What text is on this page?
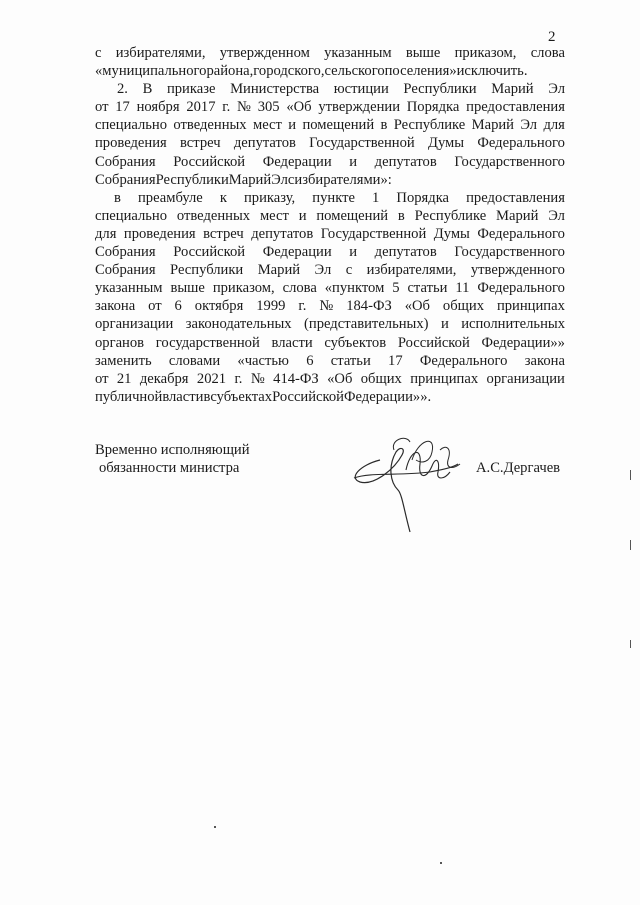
2
с избирателями, утвержденном указанным выше приказом, слова
«муниципального района, городского, сельского поселения» исключить.
2. В приказе Министерства юстиции Республики Марий Эл
от 17 ноября 2017 г. № 305 «Об утверждении Порядка предоставления
специально отведенных мест и помещений в Республике Марий Эл для
проведения встреч депутатов Государственной Думы Федерального
Собрания Российской Федерации и депутатов Государственного
Собрания Республики Марий Эл с избирателями»:
в преамбуле к приказу, пункте 1 Порядка предоставления
специально отведенных мест и помещений в Республике Марий Эл
для проведения встреч депутатов Государственной Думы Федерального
Собрания Российской Федерации и депутатов Государственного
Собрания Республики Марий Эл с избирателями, утвержденного
указанным выше приказом, слова «пунктом 5 статьи 11 Федерального
закона от 6 октября 1999 г. № 184-ФЗ «Об общих принципах
организации законодательных (представительных) и исполнительных
органов государственной власти субъектов Российской Федерации»»
заменить словами «частью 6 статьи 17 Федерального закона
от 21 декабря 2021 г. № 414-ФЗ «Об общих принципах организации
публичной власти в субъектах Российской Федерации»».
Временно исполняющий
обязанности министра	А.С.Дергачев
